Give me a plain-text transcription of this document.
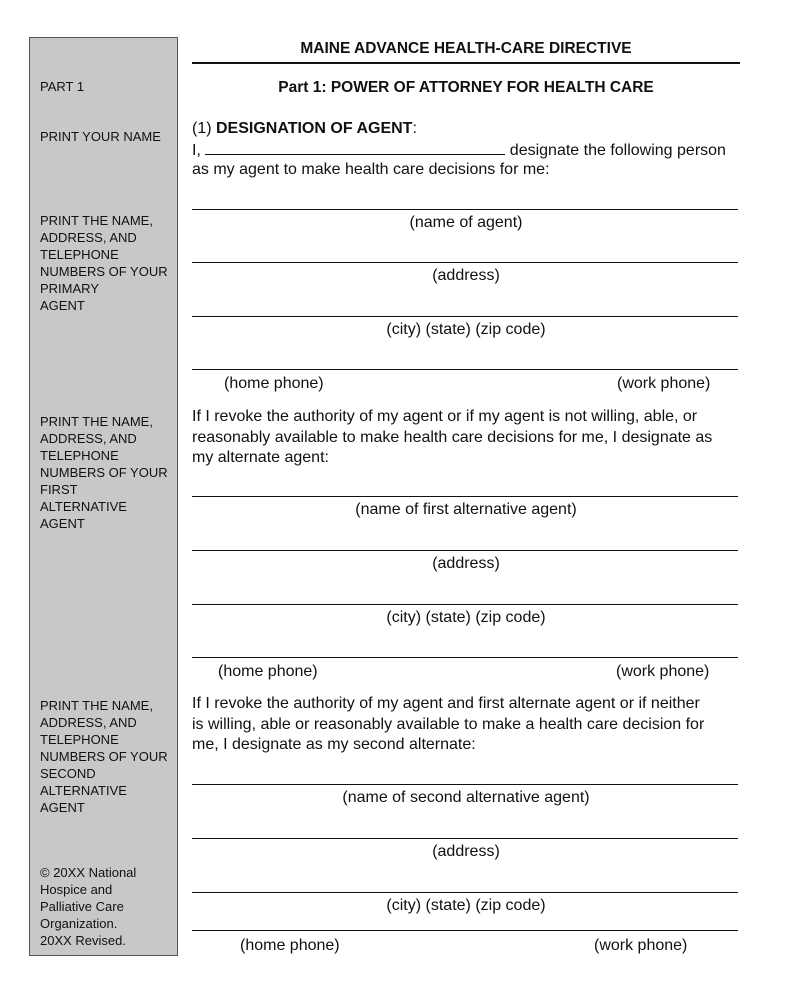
PART 1
PRINT YOUR NAME
PRINT THE NAME,
ADDRESS, AND
TELEPHONE
NUMBERS OF YOUR
PRIMARY
AGENT
PRINT THE NAME,
ADDRESS, AND
TELEPHONE
NUMBERS OF YOUR
FIRST
ALTERNATIVE
AGENT
PRINT THE NAME,
ADDRESS, AND
TELEPHONE
NUMBERS OF YOUR
SECOND
ALTERNATIVE
AGENT
© 20XX National
Hospice and
Palliative Care
Organization.
20XX Revised.
MAINE ADVANCE HEALTH-CARE DIRECTIVE
Part 1: POWER OF ATTORNEY FOR HEALTH CARE
(1) DESIGNATION OF AGENT:
I,	designate the following person
as my agent to make health care decisions for me:
(name of agent)
(address)
(city) (state) (zip code)
(home phone)	(work phone)
If I revoke the authority of my agent or if my agent is not willing, able, or
reasonably available to make health care decisions for me, I designate as
my alternate agent:
(name of first alternative agent)
(address)
(city) (state) (zip code)
(home phone)	(work phone)
If I revoke the authority of my agent and first alternate agent or if neither
is willing, able or reasonably available to make a health care decision for
me, I designate as my second alternate:
(name of second alternative agent)
(address)
(city) (state) (zip code)
(home phone)	(work phone)
